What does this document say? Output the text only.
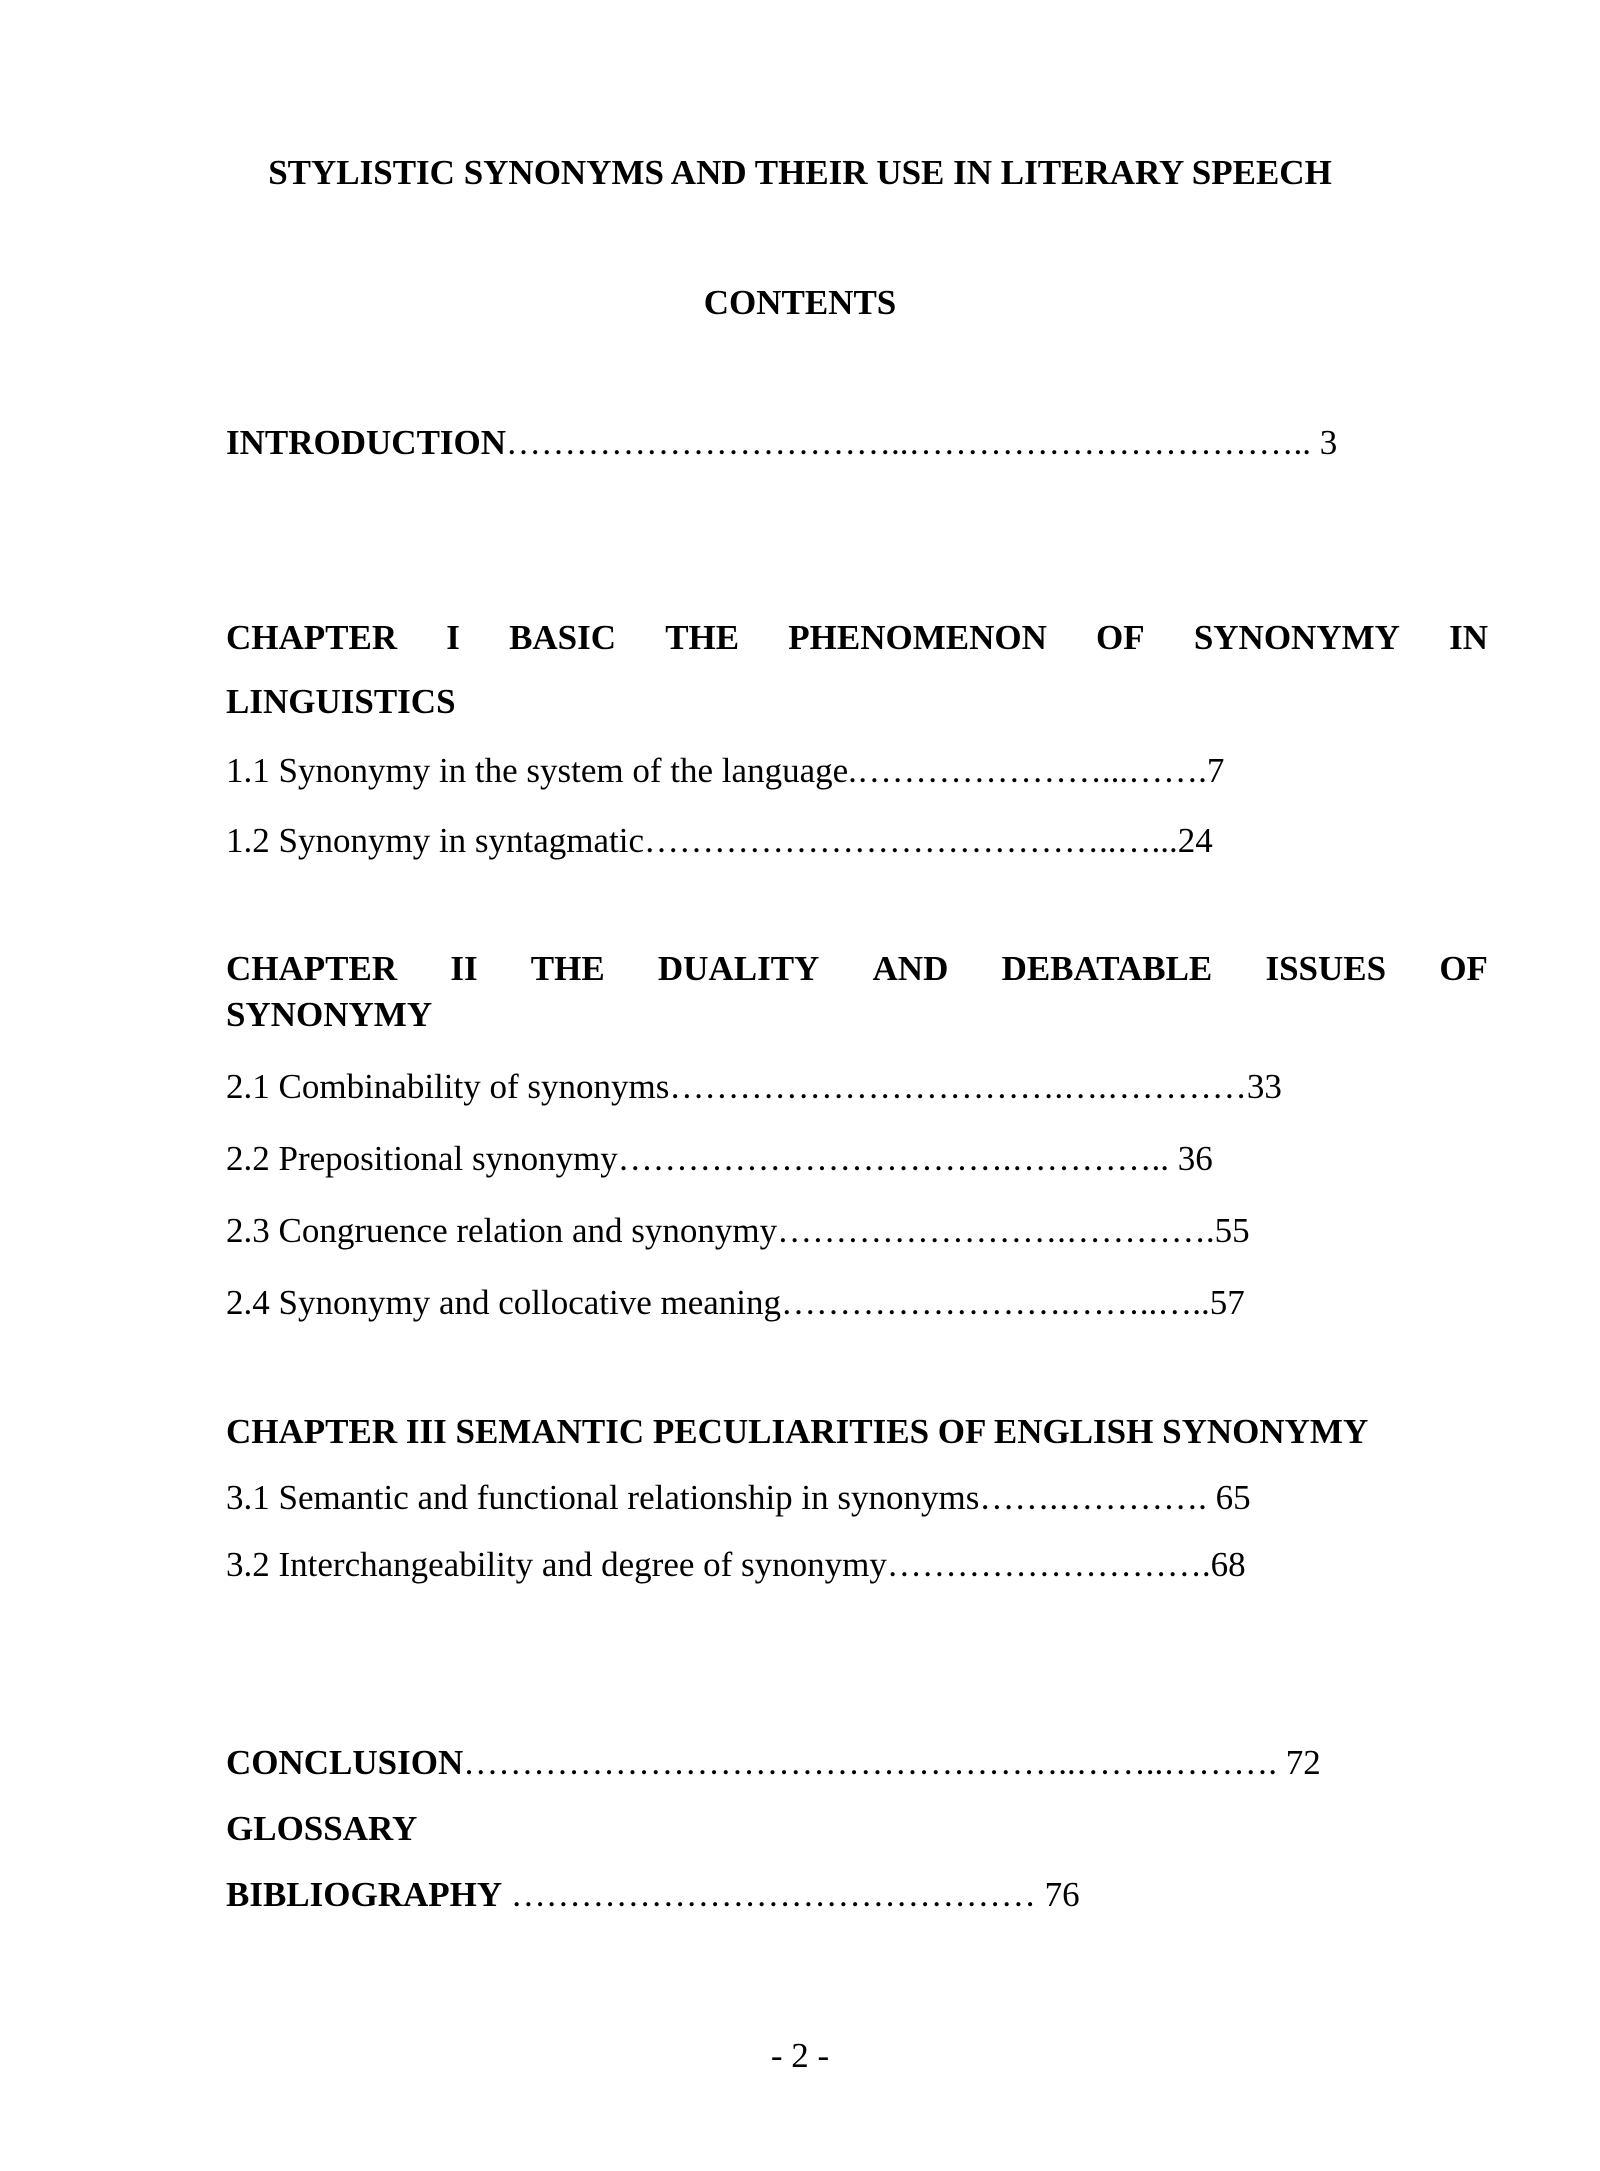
STYLISTIC SYNONYMS AND THEIR USE IN LITERARY SPEECH
CONTENTS
INTRODUCTION……………………………..…………………………….. 3
CHAPTER I BASIC THE PHENOMENON OF SYNONYMY IN
LINGUISTICS
1.1 Synonymy in the system of the language.…………………...…….7
1.2 Synonymy in syntagmatic…………………………………..…...24
CHAPTER II THE DUALITY AND DEBATABLE ISSUES OF
SYNONYMY
2.1 Combinability of synonyms…………………………….….…………33
2.2 Prepositional synonymy…………………………….………….. 36
2.3 Congruence relation and synonymy…………………….………….55
2.4 Synonymy and collocative meaning…………………….……..…..57
CHAPTER III SEMANTIC PECULIARITIES OF ENGLISH SYNONYMY
3.1 Semantic and functional relationship in synonyms…….…………. 65
3.2 Interchangeability and degree of synonymy……………………….68
CONCLUSION……………………………………………..……..………. 72
GLOSSARY
BIBLIOGRAPHY ……………………………………… 76
- 2 -
